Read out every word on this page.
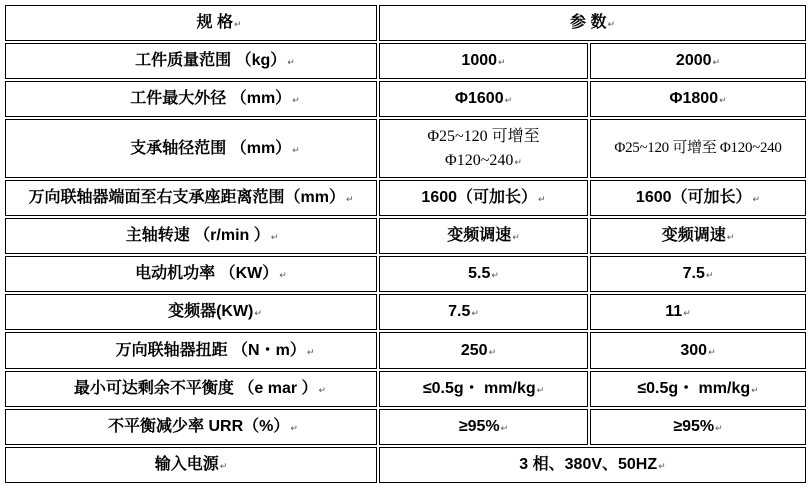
规 格↵	参 数↵	
工件质量范围 （kg）↵	1000↵	2000↵
工件最大外径 （mm）↵	Φ1600↵	Φ1800↵
支承轴径范围 （mm）↵	Φ25~120 可增至 Φ120~240↵	Φ25~120 可增至 Φ120~240
万向联轴器端面至右支承座距离范围（mm）↵	1600（可加长）↵	1600（可加长）↵
主轴转速 （r/min ）↵	变频调速↵	变频调速↵
电动机功率 （KW）↵	5.5↵	7.5↵
变频器(KW)↵	7.5↵	11↵
万向联轴器扭距 （N・m）↵	250↵	300↵
最小可达剩余不平衡度 （e mar ）↵	≤0.5g・ mm/kg↵	≤0.5g・ mm/kg↵
不平衡减少率 URR（%）↵	≥95%↵	≥95%↵
输入电源↵	3 相、380V、50HZ↵	
